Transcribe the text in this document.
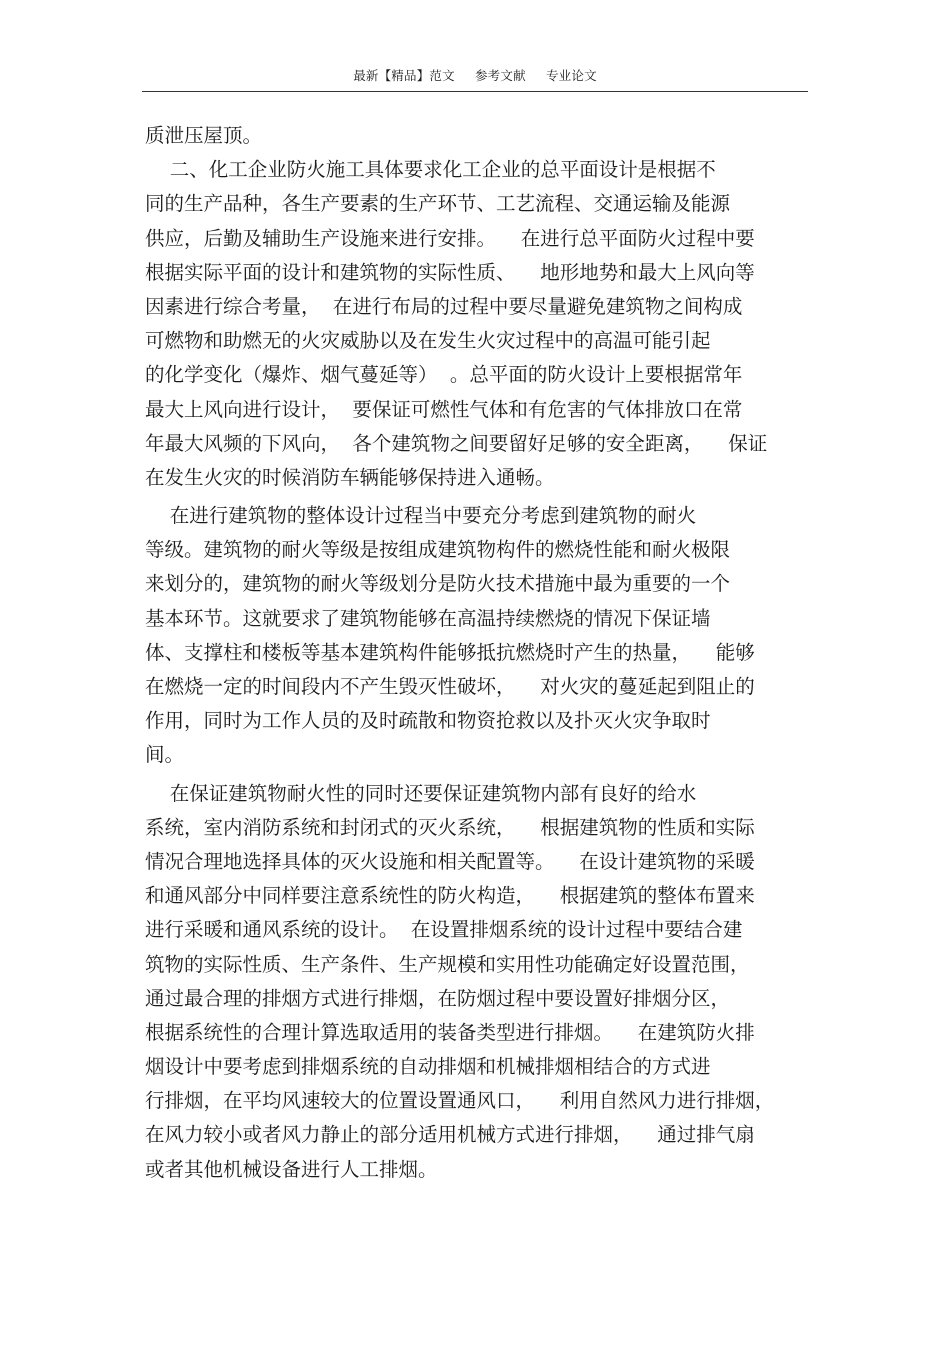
最新【精品】范文 参考文献 专业论文
质泄压屋顶。
二、化工企业防火施工具体要求化工企业的总平面设计是根据不
同的生产品种，各生产要素的生产环节、工艺流程、交通运输及能源
供应，后勤及辅助生产设施来进行安排。    在进行总平面防火过程中要
根据实际平面的设计和建筑物的实际性质、    地形地势和最大上风向等
因素进行综合考量，  在进行布局的过程中要尽量避免建筑物之间构成
可燃物和助燃无的火灾威胁以及在发生火灾过程中的高温可能引起
的化学变化（爆炸、烟气蔓延等）  。总平面的防火设计上要根据常年
最大上风向进行设计，  要保证可燃性气体和有危害的气体排放口在常
年最大风频的下风向，  各个建筑物之间要留好足够的安全距离，    保证
在发生火灾的时候消防车辆能够保持进入通畅。
在进行建筑物的整体设计过程当中要充分考虑到建筑物的耐火
等级。建筑物的耐火等级是按组成建筑物构件的燃烧性能和耐火极限
来划分的，建筑物的耐火等级划分是防火技术措施中最为重要的一个
基本环节。这就要求了建筑物能够在高温持续燃烧的情况下保证墙
体、支撑柱和楼板等基本建筑构件能够抵抗燃烧时产生的热量，    能够
在燃烧一定的时间段内不产生毁灭性破坏，    对火灾的蔓延起到阻止的
作用，同时为工作人员的及时疏散和物资抢救以及扑灭火灾争取时
间。
在保证建筑物耐火性的同时还要保证建筑物内部有良好的给水
系统，室内消防系统和封闭式的灭火系统，    根据建筑物的性质和实际
情况合理地选择具体的灭火设施和相关配置等。    在设计建筑物的采暖
和通风部分中同样要注意系统性的防火构造，    根据建筑的整体布置来
进行采暖和通风系统的设计。  在设置排烟系统的设计过程中要结合建
筑物的实际性质、生产条件、生产规模和实用性功能确定好设置范围，
通过最合理的排烟方式进行排烟，在防烟过程中要设置好排烟分区，
根据系统性的合理计算选取适用的装备类型进行排烟。    在建筑防火排
烟设计中要考虑到排烟系统的自动排烟和机械排烟相结合的方式进
行排烟，在平均风速较大的位置设置通风口，    利用自然风力进行排烟，
在风力较小或者风力静止的部分适用机械方式进行排烟，    通过排气扇
或者其他机械设备进行人工排烟。
